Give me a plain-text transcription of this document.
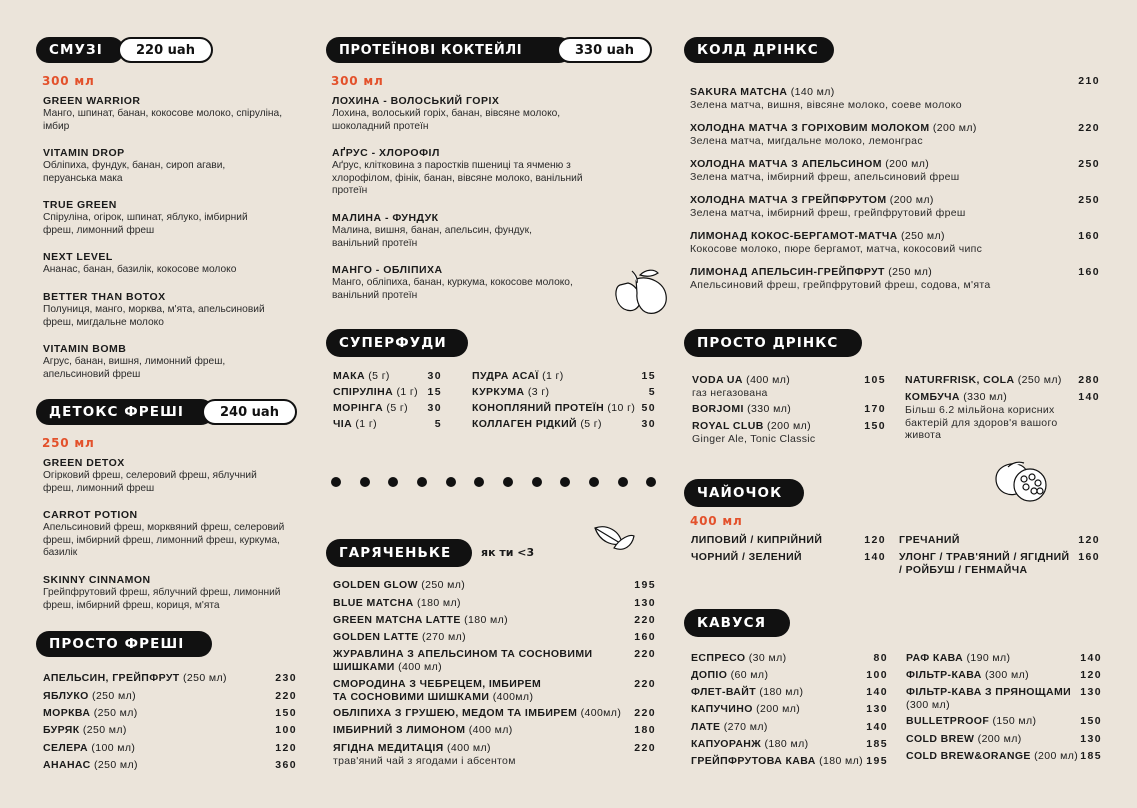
СМУЗІ	220 uah
300 мл
GREEN WARRIOR
Манго, шпинат, банан, кокосове молоко, спіруліна, імбир
VITAMIN DROP
Обліпиха, фундук, банан, сироп агави, перуанська мака
TRUE GREEN
Спіруліна, огірок, шпинат, яблуко, імбирний фреш, лимонний фреш
NEXT LEVEL
Ананас, банан, базилік, кокосове молоко
BETTER THAN BOTOX
Полуниця, манго, морква, м'ята, апельсиновий фреш, мигдальне молоко
VITAMIN BOMB
Агрус, банан, вишня, лимонний фреш, апельсиновий фреш
ДЕТОКС ФРЕШІ	240 uah
250 мл
GREEN DETOX
Огірковий фреш, селеровий фреш, яблучний фреш, лимонний фреш
CARROT POTION
Апельсиновий фреш, морквяний фреш, селеровий фреш, імбирний фреш, лимонний фреш, куркума, базилік
SKINNY CINNAMON
Грейпфрутовий фреш, яблучний фреш, лимонний фреш, імбирний фреш, кориця, м'ята
ПРОСТО ФРЕШІ
АПЕЛЬСИН, ГРЕЙПФРУТ (250 мл)	230
ЯБЛУКО (250 мл)	220
МОРКВА (250 мл)	150
БУРЯК (250 мл)	100
СЕЛЕРА (100 мл)	120
АНАНАС (250 мл)	360
ПРОТЕЇНОВІ КОКТЕЙЛІ	330 uah
300 мл
ЛОХИНА - ВОЛОСЬКИЙ ГОРІХ
Лохина, волоський горіх, банан, вівсяне молоко, шоколадний протеїн
АҐРУС - ХЛОРОФІЛ
Аґрус, клітковина з паростків пшениці та ячменю з хлорофілом, фінік, банан, вівсяне молоко, ванільний протеїн
МАЛИНА - ФУНДУК
Малина, вишня, банан, апельсин, фундук, ванільний протеїн
МАНГО - ОБЛІПИХА
Манго, обліпиха, банан, куркума, кокосове молоко, ванільний протеїн
СУПЕРФУДИ
МАКА (5 г)	30
СПІРУЛІНА (1 г) 15
МОРІНГА (5 г)	30
ЧІА (1 г)	5
ПУДРА АСАЇ (1 г)	15
КУРКУМА (3 г)	5
КОНОПЛЯНИЙ ПРОТЕЇН (10 г) 50
КОЛЛАГЕН РІДКИЙ (5 г)	30
ГАРЯЧЕНЬКЕ	як ти <3
GOLDEN GLOW (250 мл)	195
BLUE MATCHA (180 мл)	130
GREEN MATCHA LATTE (180 мл)	220
GOLDEN LATTE (270 мл)	160
ЖУРАВЛИНА З АПЕЛЬСИНОМ ТА СОСНОВИМИ ШИШКАМИ (400 мл)
220
СМОРОДИНА З ЧЕБРЕЦЕМ, ІМБИРЕМ ТА СОСНОВИМИ ШИШКАМИ (400мл)
220
ОБЛІПИХА З ГРУШЕЮ, МЕДОМ ТА ІМБИРЕМ (400мл)	220
ІМБИРНИЙ З ЛИМОНОМ (400 мл)	180
ЯГІДНА МЕДИТАЦІЯ (400 мл)
трав'яний чай з ягодами і абсентом
220
КОЛД ДРІНКС
SAKURA MATCHA (140 мл)
Зелена матча, вишня, вівсяне молоко, соеве молоко
210
ХОЛОДНА МАТЧА З ГОРІХОВИМ МОЛОКОМ (200 мл)
Зелена матча, мигдальне молоко, лемонграс
220
ХОЛОДНА МАТЧА З АПЕЛЬСИНОМ (200 мл)
Зелена матча, імбирний фреш, апельсиновий фреш
250
ХОЛОДНА МАТЧА З ГРЕЙПФРУТОМ (200 мл)
Зелена матча, імбирний фреш, грейпфрутовий фреш
250
ЛИМОНАД КОКОС-БЕРГАМОТ-МАТЧА (250 мл)
Кокосове молоко, пюре бергамот, матча, кокосовий чипс
160
ЛИМОНАД АПЕЛЬСИН-ГРЕЙПФРУТ (250 мл)
Апельсиновий фреш, грейпфрутовий фреш, содова, м'ята
160
ПРОСТО ДРІНКС
VODA UA (400 мл)
газ негазована
105
BORJOMI (330 мл)	170
ROYAL CLUB (200 мл)
Ginger Ale, Tonic Classic
150
NATURFRISK, COLA (250 мл)	280
КОМБУЧА (330 мл)
Більш 6.2 мільйона корисних бактерій для здоров'я вашого живота
140
ЧАЙОЧОК
400 мл
ЛИПОВИЙ / КИПРІЙНИЙ	120
ЧОРНИЙ / ЗЕЛЕНИЙ	140
ГРЕЧАНИЙ	120
УЛОНГ / ТРАВ'ЯНИЙ / ЯГІДНИЙ / РОЙБУШ / ГЕНМАЙЧА
160
КАВУСЯ
ЕСПРЕСО (30 мл)	80
ДОПІО (60 мл)	100
ФЛЕТ-ВАЙТ (180 мл)	140
КАПУЧИНО (200 мл)	130
ЛАТЕ (270 мл)	140
КАПУОРАНЖ (180 мл)	185
ГРЕЙПФРУТОВА КАВА (180 мл) 195
РАФ КАВА (190 мл)	140
ФІЛЬТР-КАВА (300 мл)	120
ФІЛЬТР-КАВА З ПРЯНОЩАМИ (300 мл)
130
BULLETPROOF (150 мл)	150
COLD BREW (200 мл)	130
COLD BREW&ORANGE (200 мл) 185
